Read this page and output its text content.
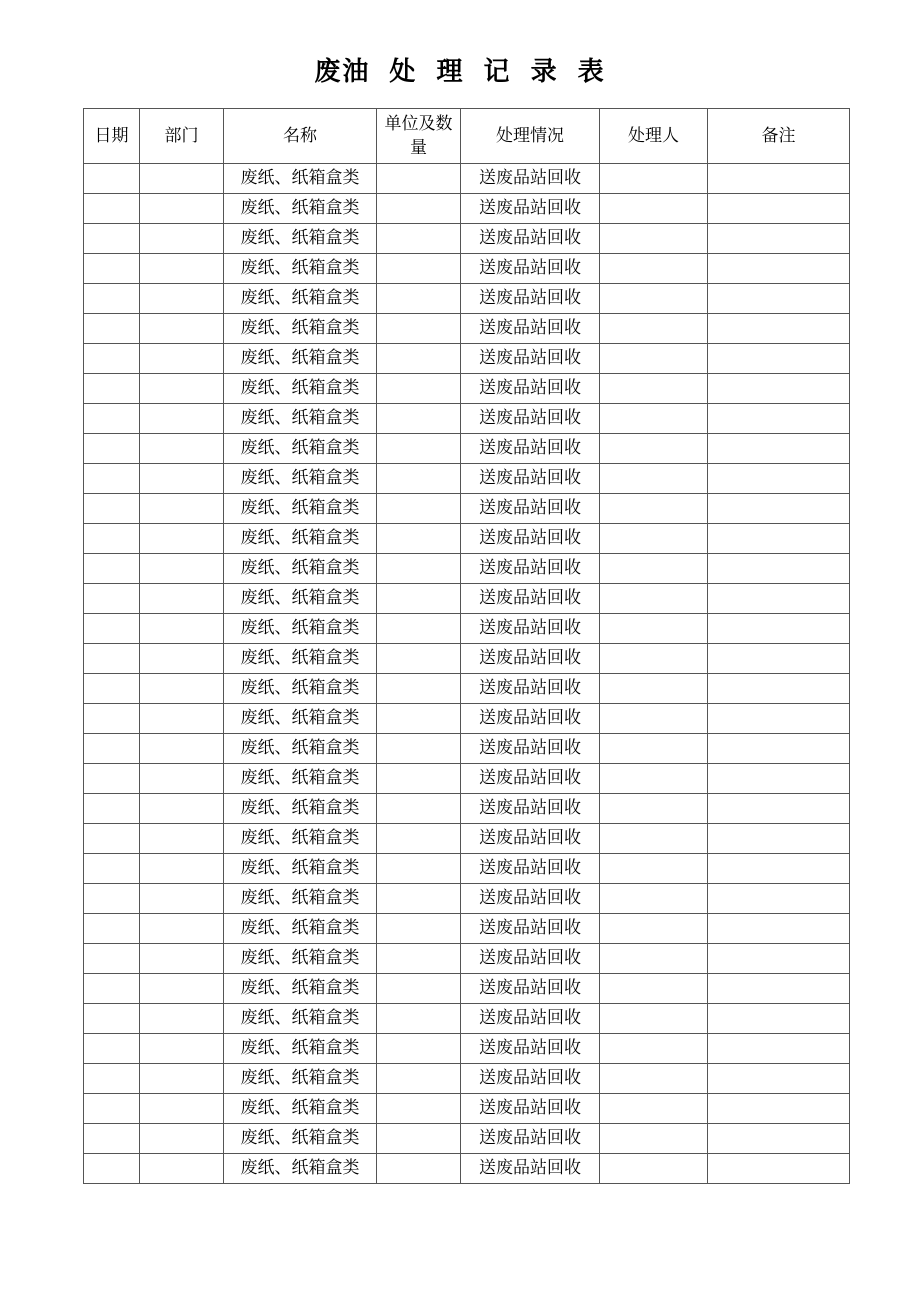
废油 处 理 记 录 表
日期	部门	名称	单位及数量	处理情况	处理人	备注
		废纸、纸箱盒类		送废品站回收		
		废纸、纸箱盒类		送废品站回收		
		废纸、纸箱盒类		送废品站回收		
		废纸、纸箱盒类		送废品站回收		
		废纸、纸箱盒类		送废品站回收		
		废纸、纸箱盒类		送废品站回收		
		废纸、纸箱盒类		送废品站回收		
		废纸、纸箱盒类		送废品站回收		
		废纸、纸箱盒类		送废品站回收		
		废纸、纸箱盒类		送废品站回收		
		废纸、纸箱盒类		送废品站回收		
		废纸、纸箱盒类		送废品站回收		
		废纸、纸箱盒类		送废品站回收		
		废纸、纸箱盒类		送废品站回收		
		废纸、纸箱盒类		送废品站回收		
		废纸、纸箱盒类		送废品站回收		
		废纸、纸箱盒类		送废品站回收		
		废纸、纸箱盒类		送废品站回收		
		废纸、纸箱盒类		送废品站回收		
		废纸、纸箱盒类		送废品站回收		
		废纸、纸箱盒类		送废品站回收		
		废纸、纸箱盒类		送废品站回收		
		废纸、纸箱盒类		送废品站回收		
		废纸、纸箱盒类		送废品站回收		
		废纸、纸箱盒类		送废品站回收		
		废纸、纸箱盒类		送废品站回收		
		废纸、纸箱盒类		送废品站回收		
		废纸、纸箱盒类		送废品站回收		
		废纸、纸箱盒类		送废品站回收		
		废纸、纸箱盒类		送废品站回收		
		废纸、纸箱盒类		送废品站回收		
		废纸、纸箱盒类		送废品站回收		
		废纸、纸箱盒类		送废品站回收		
		废纸、纸箱盒类		送废品站回收		
